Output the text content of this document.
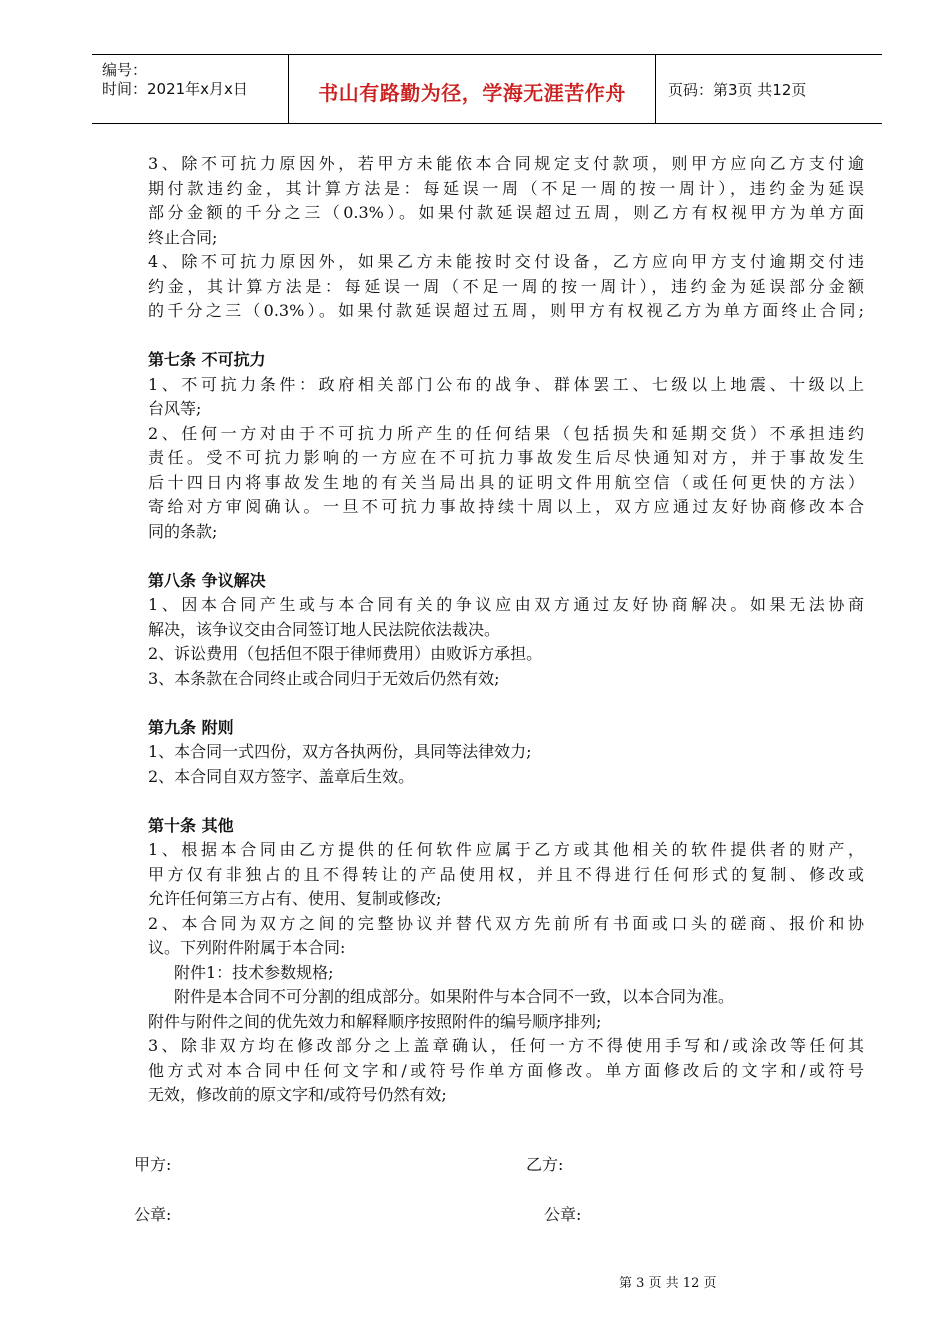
编号：
时间：2021年x月x日	书山有路勤为径，学海无涯苦作舟	页码：第3页 共12页
3、除不可抗力原因外，若甲方未能依本合同规定支付款项，则甲方应向乙方支付逾
期付款违约金，其计算方法是：每延误一周（不足一周的按一周计），违约金为延误
部分金额的千分之三（0.3%）。如果付款延误超过五周，则乙方有权视甲方为单方面
终止合同;
4、除不可抗力原因外，如果乙方未能按时交付设备，乙方应向甲方支付逾期交付违
约金，其计算方法是：每延误一周（不足一周的按一周计），违约金为延误部分金额
的千分之三（0.3%）。如果付款延误超过五周，则甲方有权视乙方为单方面终止合同;
第七条 不可抗力
1、不可抗力条件：政府相关部门公布的战争、群体罢工、七级以上地震、十级以上
台风等;
2、任何一方对由于不可抗力所产生的任何结果（包括损失和延期交货）不承担违约
责任。受不可抗力影响的一方应在不可抗力事故发生后尽快通知对方，并于事故发生
后十四日内将事故发生地的有关当局出具的证明文件用航空信（或任何更快的方法）
寄给对方审阅确认。一旦不可抗力事故持续十周以上，双方应通过友好协商修改本合
同的条款;
第八条 争议解决
1、因本合同产生或与本合同有关的争议应由双方通过友好协商解决。如果无法协商
解决，该争议交由合同签订地人民法院依法裁决。
2、诉讼费用（包括但不限于律师费用）由败诉方承担。
3、本条款在合同终止或合同归于无效后仍然有效;
第九条 附则
1、本合同一式四份，双方各执两份，具同等法律效力;
2、本合同自双方签字、盖章后生效。
第十条 其他
1、根据本合同由乙方提供的任何软件应属于乙方或其他相关的软件提供者的财产，
甲方仅有非独占的且不得转让的产品使用权，并且不得进行任何形式的复制、修改或
允许任何第三方占有、使用、复制或修改;
2、本合同为双方之间的完整协议并替代双方先前所有书面或口头的磋商、报价和协
议。下列附件附属于本合同:
附件1：技术参数规格;
附件是本合同不可分割的组成部分。如果附件与本合同不一致，以本合同为准。
附件与附件之间的优先效力和解释顺序按照附件的编号顺序排列;
3、除非双方均在修改部分之上盖章确认，任何一方不得使用手写和/或涂改等任何其
他方式对本合同中任何文字和/或符号作单方面修改。单方面修改后的文字和/或符号
无效，修改前的原文字和/或符号仍然有效;
甲方:	乙方:
公章:	公章:
第 3 页 共 12 页
